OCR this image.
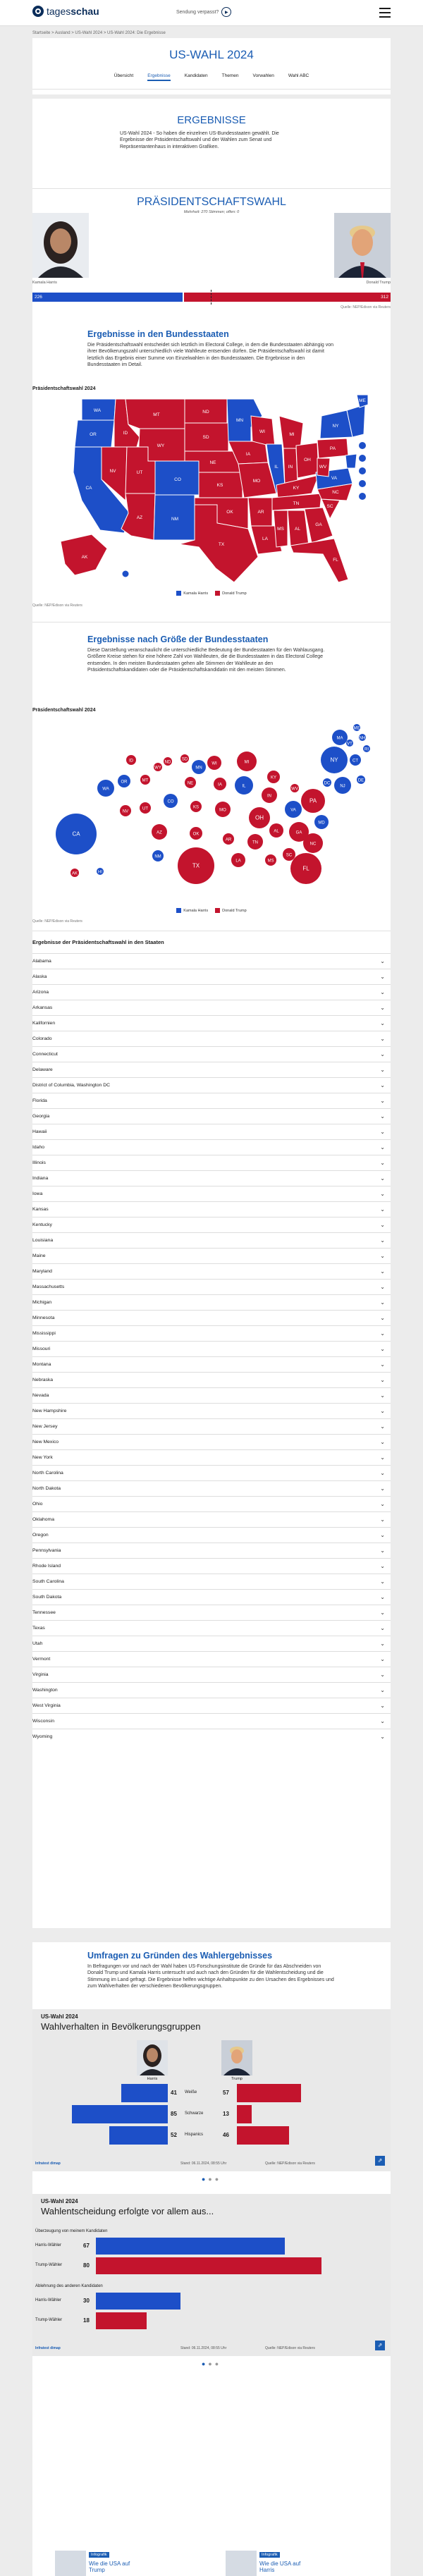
tagesschau	Sendung verpasst?	▶
Startseite > Ausland > US-Wahl 2024 > US-Wahl 2024: Die Ergebnisse
US-WAHL 2024
Übersicht	Ergebnisse	Kandidaten	Themen	Vorwahlen	Wahl ABC
ERGEBNISSE
US-Wahl 2024 - So haben die einzelnen US-Bundesstaaten gewählt. Die Ergebnisse der Präsidentschaftswahl und der Wahlen zum Senat und Repräsentantenhaus in interaktiven Grafiken.
PRÄSIDENTSCHAFTSWAHL
Mehrheit: 270 Stimmen; offen: 0
Kamala Harris	Donald Trump
226	312
Quelle: NEP/Edison via Reuters
Ergebnisse in den Bundesstaaten
Die Präsidentschaftswahl entscheidet sich letztlich im Electoral College, in dem die Bundesstaaten abhängig von ihrer Bevölkerungszahl unterschiedlich viele Wahlleute entsenden dürfen. Die Präsidentschaftswahl ist damit letztlich das Ergebnis einer Summe von Einzelwahlen in den Bundesstaaten. Die Ergebnisse in den Bundesstaaten im Detail.
Präsidentschaftswahl 2024
WA
OR
CA
NV
ID
MT
WY
UT
CO
AZ	NM
ND
SD
NE
KS
OK
TX
MN
IA
MO
AR
LA
WI
IL
MI
IN
OH
KY
TN
MS AL
GA
FL
SC
NC
VA
WV
PA
NY
ME
AK
Kamala Harris	Donald Trump
Quelle: NEP/Edison via Reuters
Ergebnisse nach Größe der Bundesstaaten
Diese Darstellung veranschaulicht die unterschiedliche Bedeutung der Bundesstaaten für den Wahlausgang. Größere Kreise stehen für eine höhere Zahl von Wahlleuten, die die Bundesstaaten in das Electoral College entsenden. In den meisten Bundesstaaten gehen alle Stimmen der Wahlleute an den Präsidentschaftskandidaten oder die Präsidentschaftskandidatin mit den meisten Stimmen.
Präsidentschaftswahl 2024
WA
OR
CA
NV
ID
MT
WY
UT
CO
AZ
NM
ND
SD
NE
KS
OK
TX
MN
IA
MO
AR
LA
WI
IL
MI
IN
OH
KY
TN
MS
AL	GA
FL
SC
NC
VA
WV
PA
NY
MA
NJ
ME
VT
CT
MD
DE
RI
NH
DC
AK	HI
Kamala Harris	Donald Trump
Quelle: NEP/Edison via Reuters
Ergebnisse der Präsidentschaftswahl in den Staaten
Alabama	⌄
Alaska	⌄
Arizona	⌄
Arkansas	⌄
Kalifornien	⌄
Colorado	⌄
Connecticut	⌄
Delaware	⌄
District of Columbia, Washington DC	⌄
Florida	⌄
Georgia	⌄
Hawaii	⌄
Idaho	⌄
Illinois	⌄
Indiana	⌄
Iowa	⌄
Kansas	⌄
Kentucky	⌄
Louisiana	⌄
Maine	⌄
Maryland	⌄
Massachusetts	⌄
Michigan	⌄
Minnesota	⌄
Mississippi	⌄
Missouri	⌄
Montana	⌄
Nebraska	⌄
Nevada	⌄
New Hampshire	⌄
New Jersey	⌄
New Mexico	⌄
New York	⌄
North Carolina	⌄
North Dakota	⌄
Ohio	⌄
Oklahoma	⌄
Oregon	⌄
Pennsylvania	⌄
Rhode Island	⌄
South Carolina	⌄
South Dakota	⌄
Tennessee	⌄
Texas	⌄
Utah	⌄
Vermont	⌄
Virginia	⌄
Washington	⌄
West Virginia	⌄
Wisconsin	⌄
Wyoming	⌄
Umfragen zu Gründen des Wahlergebnisses
In Befragungen vor und nach der Wahl haben US-Forschungsinstitute die Gründe für das Abschneiden von Donald Trump und Kamala Harris untersucht und auch nach den Gründen für die Wahlentscheidung und die Stimmung im Land gefragt. Die Ergebnisse helfen wichtige Anhaltspunkte zu den Ursachen des Ergebnisses und zum Wahlverhalten der verschiedenen Bevölkerungsgruppen.
US-Wahl 2024
Wahlverhalten in Bevölkerungsgruppen
Harris	Trump
41 Weiße	57
85 Schwarze	13
52 Hispanics	46
Infratest dimap	Stand: 06.11.2024, 08:55 Uhr	Quelle: NEP/Edison via Reuters	⇗
●●●
US-Wahl 2024
Wahlentscheidung erfolgte vor allem aus...
Überzeugung von meinem Kandidaten
Harris-Wähler	67
Trump-Wähler	80
Ablehnung des anderen Kandidaten
Harris-Wähler	30
Trump-Wähler	18
Infratest dimap	Stand: 06.11.2024, 08:55 Uhr	Quelle: NEP/Edison via Reuters	⇗
●●●
Infografik
Wie die USA auf Trump
Infografik
Wie die USA auf Harris
